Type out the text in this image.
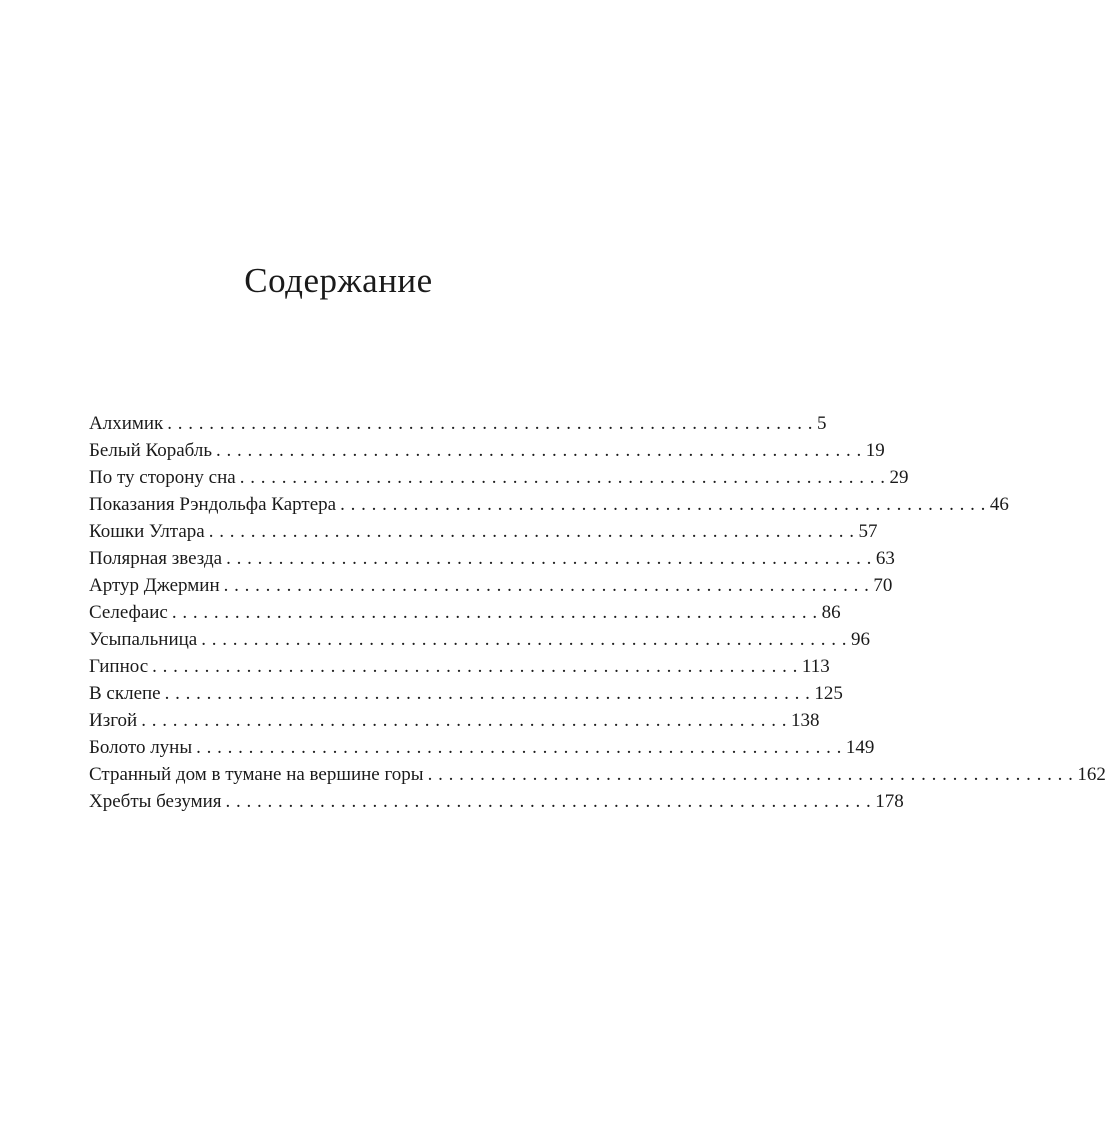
Содержание
Алхимик . . . . . . . . . . . . . . . . . . . . . . . . . . . . . . . . . . . . . . . . . . . . . . . . . . . . . . . . . . . . . . 5
Белый Корабль . . . . . . . . . . . . . . . . . . . . . . . . . . . . . . . . . . . . . . . . . . . . . . . . . . . . . . . . . . . . . . 19
По ту сторону сна . . . . . . . . . . . . . . . . . . . . . . . . . . . . . . . . . . . . . . . . . . . . . . . . . . . . . . . . . . . . . . 29
Показания Рэндольфа Картера . . . . . . . . . . . . . . . . . . . . . . . . . . . . . . . . . . . . . . . . . . . . . . . . . . . . . . . . . . . . . . 46
Кошки Ултара . . . . . . . . . . . . . . . . . . . . . . . . . . . . . . . . . . . . . . . . . . . . . . . . . . . . . . . . . . . . . . 57
Полярная звезда . . . . . . . . . . . . . . . . . . . . . . . . . . . . . . . . . . . . . . . . . . . . . . . . . . . . . . . . . . . . . . 63
Артур Джермин . . . . . . . . . . . . . . . . . . . . . . . . . . . . . . . . . . . . . . . . . . . . . . . . . . . . . . . . . . . . . . 70
Селефаис . . . . . . . . . . . . . . . . . . . . . . . . . . . . . . . . . . . . . . . . . . . . . . . . . . . . . . . . . . . . . . 86
Усыпальница . . . . . . . . . . . . . . . . . . . . . . . . . . . . . . . . . . . . . . . . . . . . . . . . . . . . . . . . . . . . . . 96
Гипнос . . . . . . . . . . . . . . . . . . . . . . . . . . . . . . . . . . . . . . . . . . . . . . . . . . . . . . . . . . . . . . 113
В склепе . . . . . . . . . . . . . . . . . . . . . . . . . . . . . . . . . . . . . . . . . . . . . . . . . . . . . . . . . . . . . . 125
Изгой . . . . . . . . . . . . . . . . . . . . . . . . . . . . . . . . . . . . . . . . . . . . . . . . . . . . . . . . . . . . . . 138
Болото луны . . . . . . . . . . . . . . . . . . . . . . . . . . . . . . . . . . . . . . . . . . . . . . . . . . . . . . . . . . . . . . 149
Странный дом в тумане на вершине горы . . . . . . . . . . . . . . . . . . . . . . . . . . . . . . . . . . . . . . . . . . . . . . . . . . . . . . . . . . . . . . 162
Хребты безумия . . . . . . . . . . . . . . . . . . . . . . . . . . . . . . . . . . . . . . . . . . . . . . . . . . . . . . . . . . . . . . 178
